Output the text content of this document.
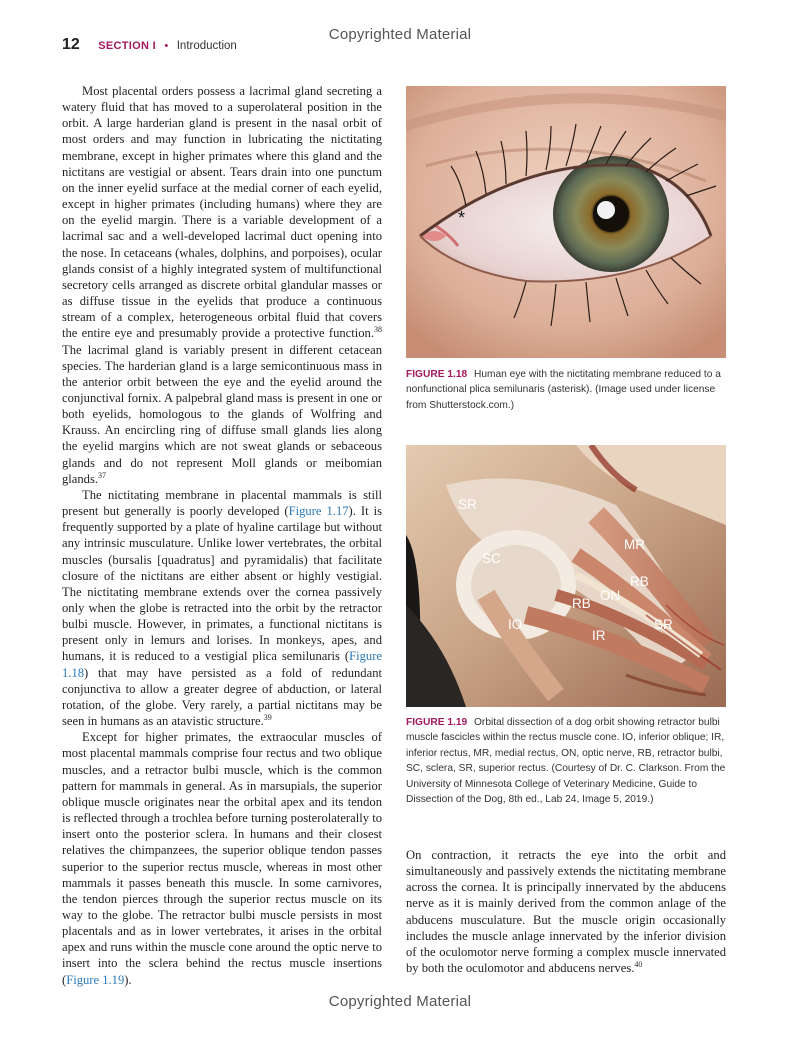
Copyrighted Material
12 SECTION I • Introduction

Most placental orders possess a lacrimal gland secreting a watery fluid that has moved to a superolateral position in the orbit. A large harderian gland is present in the nasal orbit of most orders and may function in lubricating the nictitating membrane, except in higher primates where this gland and the nictitans are vestigial or absent. Tears drain into one punctum on the inner eyelid surface at the medial corner of each eyelid, except in higher primates (including humans) where they are on the eyelid margin. There is a variable development of a lacrimal sac and a well-developed lacrimal duct opening into the nose. In cetaceans (whales, dolphins, and porpoises), ocular glands consist of a highly integrated system of multifunctional secretory cells arranged as discrete orbital glandular masses or as diffuse tissue in the eyelids that produce a continuous stream of a complex, heterogeneous orbital fluid that covers the entire eye and presumably provide a protective function.$^{38}$ The lacrimal gland is variably present in different cetacean species. The harderian gland is a large semicontinuous mass in the anterior orbit between the eye and the eyelid around the conjunctival fornix. A palpebral gland mass is present in one or both eyelids, homologous to the glands of Wolfring and Krauss. An encircling ring of diffuse small glands lies along the eyelid margins which are not sweat glands or sebaceous glands and do not represent Moll glands or meibomian glands.$^{37}$

The nictitating membrane in placental mammals is still present but generally is poorly developed (Figure 1.17). It is frequently supported by a plate of hyaline cartilage but without any intrinsic musculature. Unlike lower vertebrates, the orbital muscles (bursalis [quadratus] and pyramidalis) that facilitate closure of the nictitans are either absent or highly vestigial. The nictitating membrane extends over the cornea passively only when the globe is retracted into the orbit by the retractor bulbi muscle. However, in primates, a functional nictitans is present only in lemurs and lorises. In monkeys, apes, and humans, it is reduced to a vestigial plica semilunaris (Figure 1.18) that may have persisted as a fold of redundant conjunctiva to allow a greater degree of abduction, or lateral rotation, of the globe. Very rarely, a partial nictitans may be seen in humans as an atavistic structure.$^{39}$

Except for higher primates, the extraocular muscles of most placental mammals comprise four rectus and two oblique muscles, and a retractor bulbi muscle, which is the common pattern for mammals in general. As in marsupials, the superior oblique muscle originates near the orbital apex and its tendon is reflected through a trochlea before turning posterolaterally to insert onto the posterior sclera. In humans and their closest relatives the chimpanzees, the superior oblique tendon passes superior to the superior rectus muscle, whereas in most other mammals it passes beneath this muscle. In some carnivores, the tendon pierces through the superior rectus muscle on its way to the globe. The retractor bulbi muscle persists in most placentals and as in lower vertebrates, it arises in the orbital apex and runs within the muscle cone around the optic nerve to insert into the sclera behind the rectus muscle insertions (Figure 1.19).

*
FIGURE 1.18 Human eye with the nictitating membrane reduced to a nonfunctional plica semilunaris (asterisk). (Image used under license from Shutterstock.com.)
SR
SC
MR
RB
ON
RB
SR
IO
IR
FIGURE 1.19 Orbital dissection of a dog orbit showing retractor bulbi muscle fascicles within the rectus muscle cone. IO, inferior oblique; IR, inferior rectus, MR, medial rectus, ON, optic nerve, RB, retractor bulbi, SC, sclera, SR, superior rectus. (Courtesy of Dr. C. Clarkson. From the University of Minnesota College of Veterinary Medicine, Guide to Dissection of the Dog, 8th ed., Lab 24, Image 5, 2019.)

On contraction, it retracts the eye into the orbit and simultaneously and passively extends the nictitating membrane across the cornea. It is principally innervated by the abducens nerve as it is mainly derived from the common anlage of the abducens musculature. But the muscle origin occasionally includes the muscle anlage innervated by the inferior division of the oculomotor nerve forming a complex muscle innervated by both the oculomotor and abducens nerves.$^{40}$

Copyrighted Material
